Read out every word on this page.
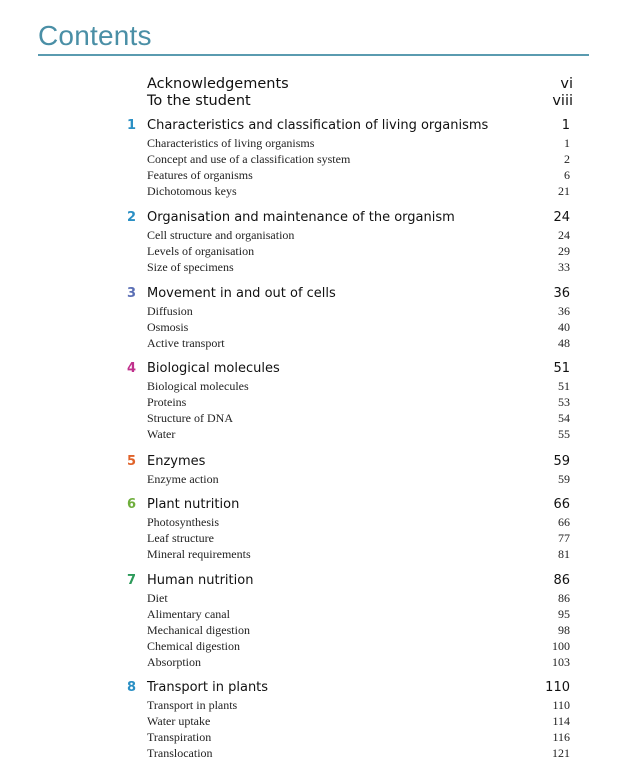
Contents
Acknowledgements	vi
To the student	viii
1 Characteristics and classification of living organisms	1
Characteristics of living organisms	1
Concept and use of a classification system	2
Features of organisms	6
Dichotomous keys	21
2 Organisation and maintenance of the organism	24
Cell structure and organisation	24
Levels of organisation	29
Size of specimens	33
3 Movement in and out of cells	36
Diffusion	36
Osmosis	40
Active transport	48
4 Biological molecules	51
Biological molecules	51
Proteins	53
Structure of DNA	54
Water	55
5 Enzymes	59
Enzyme action	59
6 Plant nutrition	66
Photosynthesis	66
Leaf structure	77
Mineral requirements	81
7 Human nutrition	86
Diet	86
Alimentary canal	95
Mechanical digestion	98
Chemical digestion	100
Absorption	103
8 Transport in plants	110
Transport in plants	110
Water uptake	114
Transpiration	116
Translocation	121
